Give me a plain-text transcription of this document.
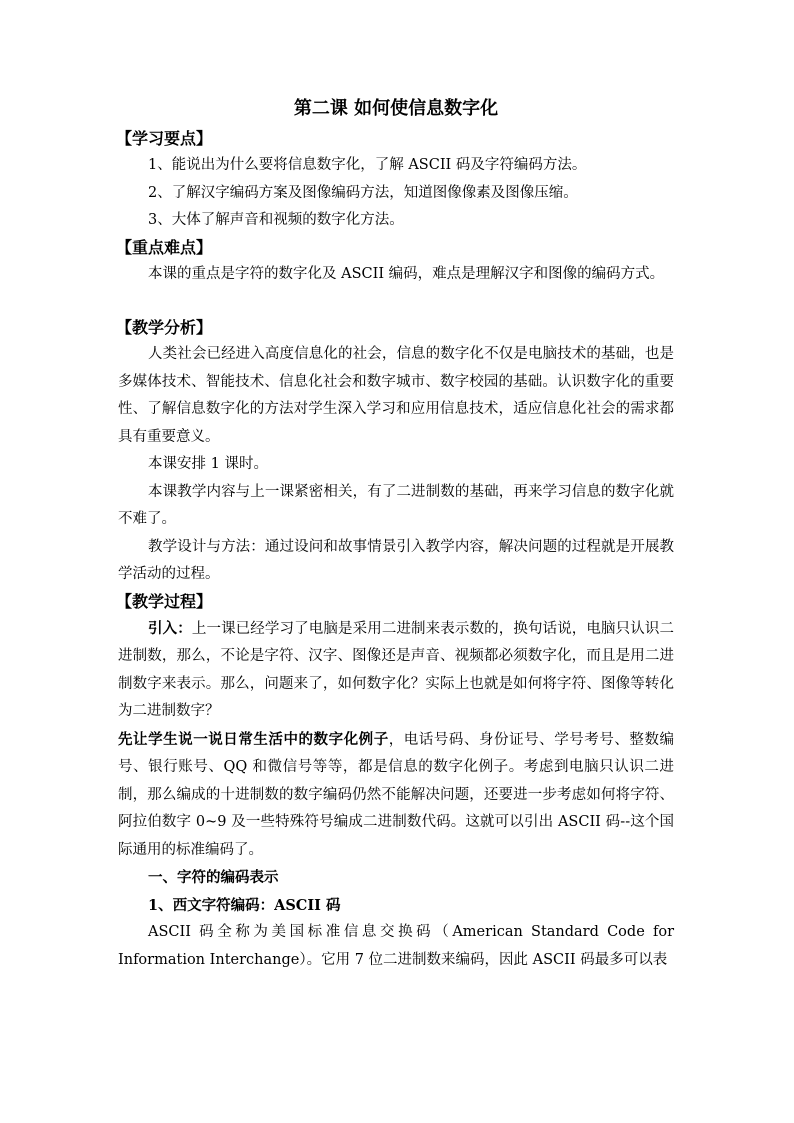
第二课 如何使信息数字化
【学习要点】
1、能说出为什么要将信息数字化，了解 ASCII 码及字符编码方法。
2、了解汉字编码方案及图像编码方法，知道图像像素及图像压缩。
3、大体了解声音和视频的数字化方法。
【重点难点】
本课的重点是字符的数字化及 ASCII 编码，难点是理解汉字和图像的编码方式。
【教学分析】
人类社会已经进入高度信息化的社会，信息的数字化不仅是电脑技术的基础，也是多媒体技术、智能技术、信息化社会和数字城市、数字校园的基础。认识数字化的重要性、了解信息数字化的方法对学生深入学习和应用信息技术，适应信息化社会的需求都具有重要意义。
本课安排 1 课时。
本课教学内容与上一课紧密相关，有了二进制数的基础，再来学习信息的数字化就不难了。
教学设计与方法：通过设问和故事情景引入教学内容，解决问题的过程就是开展教学活动的过程。
【教学过程】
引入：上一课已经学习了电脑是采用二进制来表示数的，换句话说，电脑只认识二进制数，那么，不论是字符、汉字、图像还是声音、视频都必须数字化，而且是用二进制数字来表示。那么，问题来了，如何数字化？实际上也就是如何将字符、图像等转化为二进制数字？
先让学生说一说日常生活中的数字化例子，电话号码、身份证号、学号考号、整数编号、银行账号、QQ 和微信号等等，都是信息的数字化例子。考虑到电脑只认识二进制，那么编成的十进制数的数字编码仍然不能解决问题，还要进一步考虑如何将字符、阿拉伯数字 0~9 及一些特殊符号编成二进制数代码。这就可以引出 ASCII 码--这个国际通用的标准编码了。
一、字符的编码表示
1、西文字符编码：ASCII 码
ASCII 码全称为美国标准信息交换码（American Standard Code for Information Interchange）。它用 7 位二进制数来编码，因此 ASCII 码最多可以表
